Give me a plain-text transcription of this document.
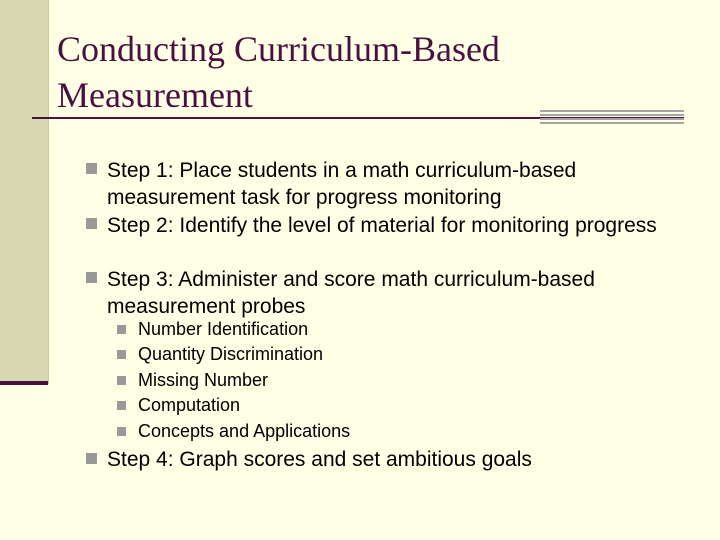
Conducting Curriculum-Based Measurement
Step 1: Place students in a math curriculum-based measurement task for progress monitoring
Step 2: Identify the level of material for monitoring progress
Step 3: Administer and score math curriculum-based measurement probes
Number Identification
Quantity Discrimination
Missing Number
Computation
Concepts and Applications
Step 4: Graph scores and set ambitious goals
